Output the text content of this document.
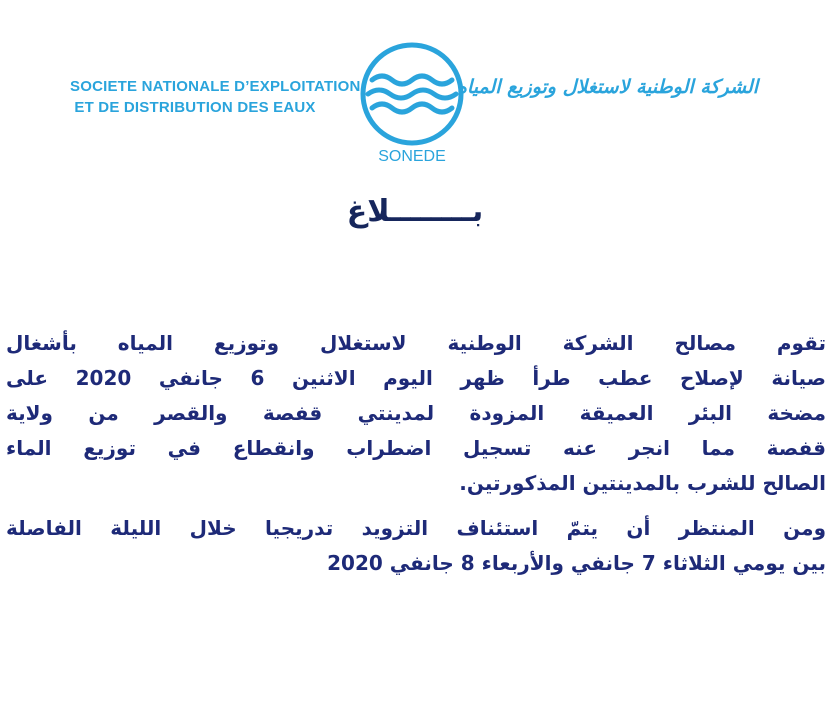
SOCIETE NATIONALE D’EXPLOITATION
ET DE DISTRIBUTION DES EAUX
SONEDE
الشركة الوطنية لاستغلال وتوزيع المياه
بــــــــلاغ

تقوم مصالح الشركة الوطنية لاستغلال وتوزيع المياه بأشغال
صيانة لإصلاح عطب طرأ ظهر اليوم الاثنين 6 جانفي 2020 على
مضخة البئر العميقة المزودة لمدينتي قفصة والقصر من ولاية
قفصة مما انجر عنه تسجيل اضطراب وانقطاع في توزيع الماء
الصالح للشرب بالمدينتين المذكورتين.

ومن المنتظر أن يتمّ استئناف التزويد تدريجيا خلال الليلة الفاصلة
بين يومي الثلاثاء 7 جانفي والأربعاء 8 جانفي 2020
